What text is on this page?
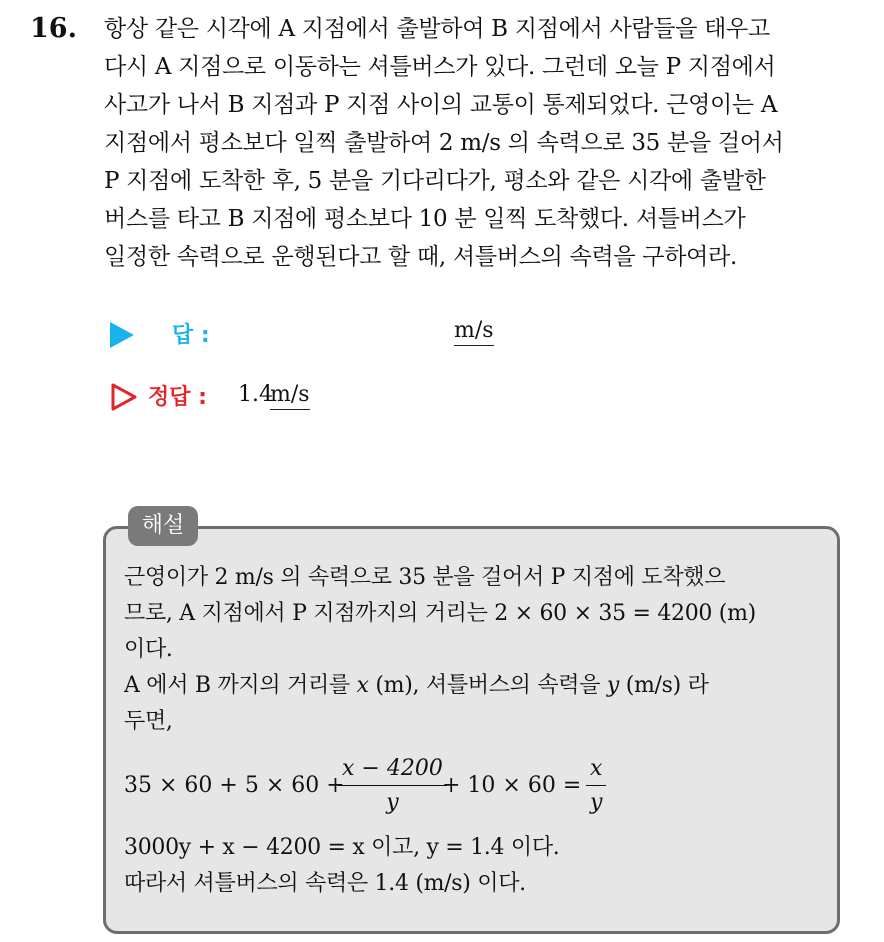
16. 항상 같은 시각에 A 지점에서 출발하여 B 지점에서 사람들을 태우고
다시 A 지점으로 이동하는 셔틀버스가 있다. 그런데 오늘 P 지점에서
사고가 나서 B 지점과 P 지점 사이의 교통이 통제되었다. 근영이는 A
지점에서 평소보다 일찍 출발하여 2 m/s 의 속력으로 35 분을 걸어서
P 지점에 도착한 후, 5 분을 기다리다가, 평소와 같은 시각에 출발한
버스를 타고 B 지점에 평소보다 10 분 일찍 도착했다. 셔틀버스가
일정한 속력으로 운행된다고 할 때, 셔틀버스의 속력을 구하여라.
답 :	m/s
정답 : 1.4
m/s
해설
근영이가 2 m/s 의 속력으로 35 분을 걸어서 P 지점에 도착했으
므로, A 지점에서 P 지점까지의 거리는 2 × 60 × 35 = 4200 (m)
이다.
A 에서 B 까지의 거리를 x (m), 셔틀버스의 속력을 y (m/s) 라
두면,
35 × 60 + 5 × 60 +
$\frac{x - 4200}{y}$
+ $10 \times 60 = \frac{x}{y}$
3000y + x − 4200 = x 이고, y = 1.4 이다.
따라서 셔틀버스의 속력은 1.4 (m/s) 이다.
